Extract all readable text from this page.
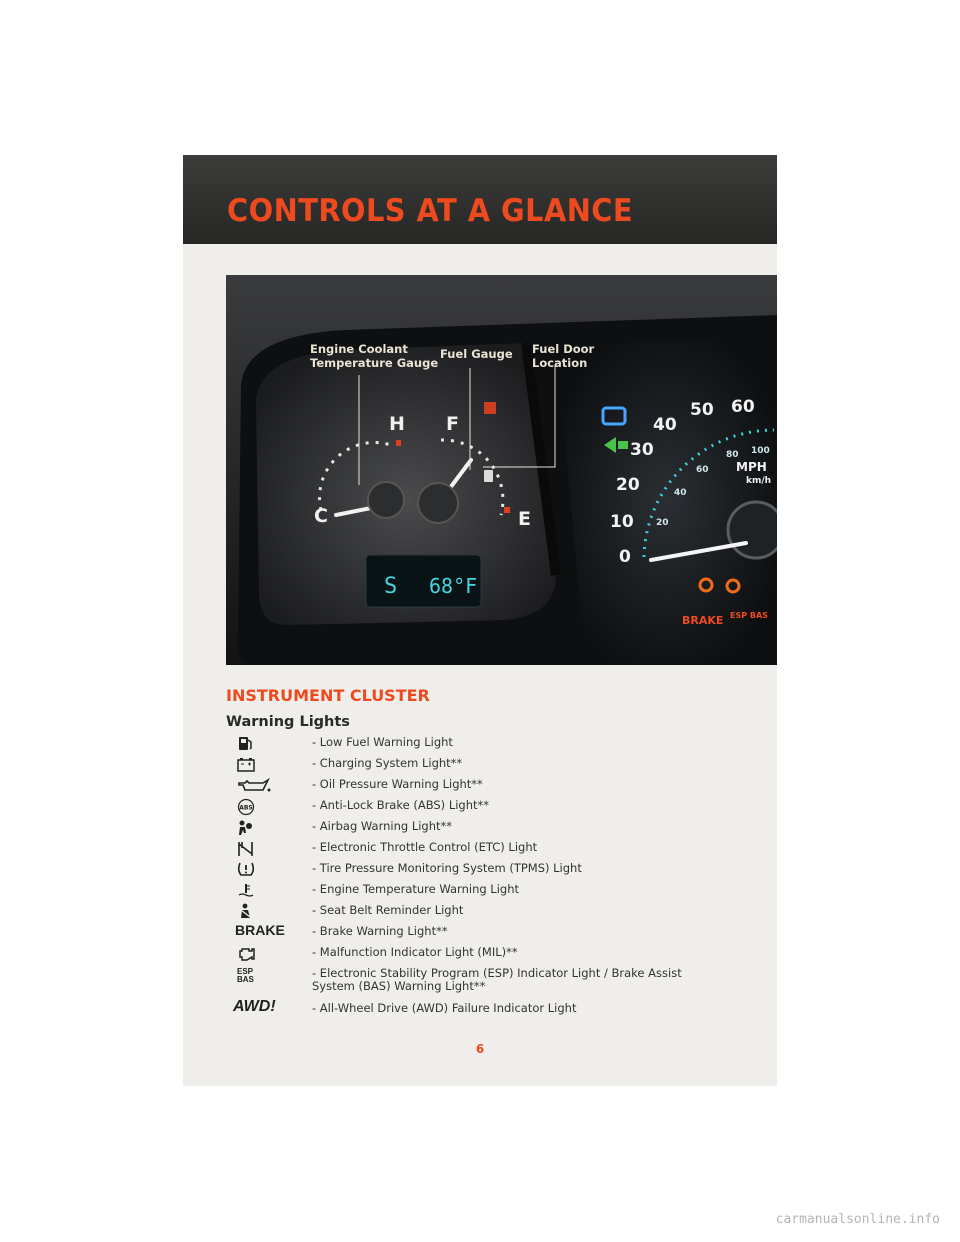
CONTROLS AT A GLANCE
C
H F
E
S 68°F
0
10
20
30
40
50 60
20
40
60
80 100
MPH
km/h
BRAKE ESP BAS
Engine Coolant
Temperature Gauge
Fuel Gauge Fuel Door
Location
INSTRUMENT CLUSTER
Warning Lights
- Low Fuel Warning Light
- Charging System Light**
- Oil Pressure Warning Light**
ABS	- Anti-Lock Brake (ABS) Light**
- Airbag Warning Light**
- Electronic Throttle Control (ETC) Light
- Tire Pressure Monitoring System (TPMS) Light
- Engine Temperature Warning Light
- Seat Belt Reminder Light
BRAKE	- Brake Warning Light**
- Malfunction Indicator Light (MIL)**
ESP
BAS	- Electronic Stability Program (ESP) Indicator Light / Brake Assist System (BAS) Warning Light**
AWD!	- All-Wheel Drive (AWD) Failure Indicator Light
6
carmanualsonline.info
